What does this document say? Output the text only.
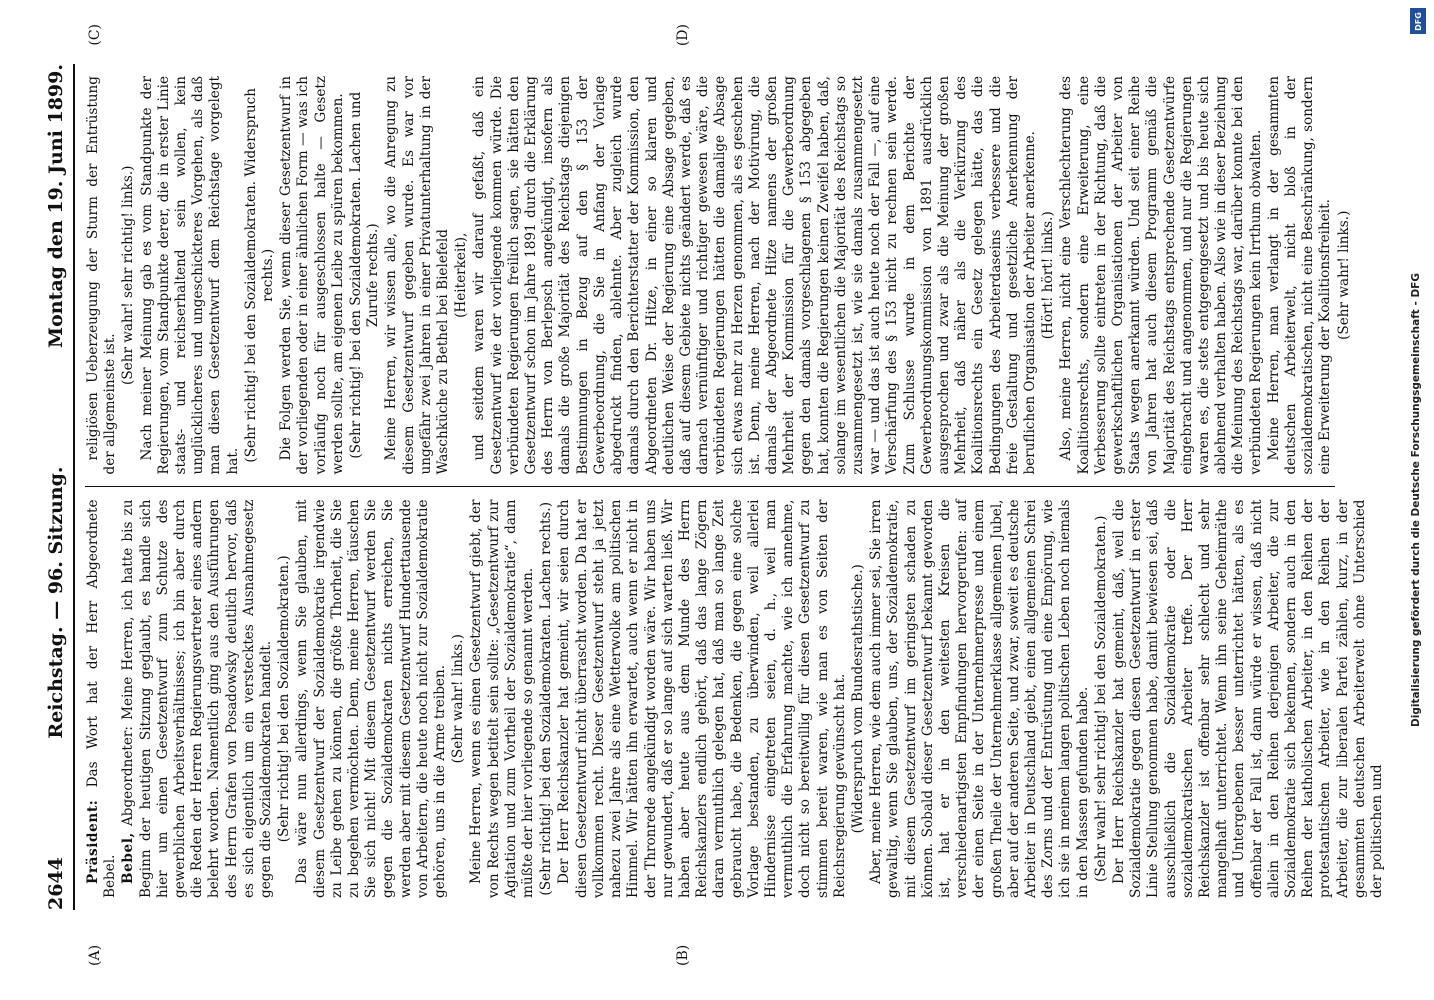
2644
Reichstag. — 96. Sitzung.
Montag den 19. Juni 1899.
(A)	(B)
(C)	(D)

Präsident: Das Wort hat der Herr Abgeordnete Bebel. Bebel, Abgeordneter: Meine Herren, ich hatte bis zu Beginn der heutigen Sitzung geglaubt, es handle sich hier um einen Gesetzentwurf zum Schutze des gewerblichen Arbeitsverhältnisses; ich bin aber durch die Reden der Herren Regierungsvertreter eines andern belehrt worden. Namentlich ging aus den Ausführungen des Herrn Grafen von Posadowsky deutlich hervor, daß es sich eigentlich um ein verstecktes Ausnahmegesetz gegen die Sozialdemokraten handelt. (Sehr richtig! bei den Sozialdemokraten.) Das wäre nun allerdings, wenn Sie glauben, mit diesem Gesetzentwurf der Sozialdemokratie irgendwie zu Leibe gehen zu können, die größte Thorheit, die Sie zu begehen vermöchten. Denn, meine Herren, täuschen Sie sich nicht! Mit diesem Gesetzentwurf werden Sie gegen die Sozialdemokraten nichts erreichen, Sie werden aber mit diesem Gesetzentwurf Hunderttausende von Arbeitern, die heute noch nicht zur Sozialdemokratie gehören, uns in die Arme treiben. (Sehr wahr! links.) Meine Herren, wenn es einen Gesetzentwurf giebt, der von Rechts wegen betitelt sein sollte: „Gesetzentwurf zur Agitation und zum Vortheil der Sozialdemokratie“, dann müßte der hier vorliegende so genannt werden. (Sehr richtig! bei den Sozialdemokraten. Lachen rechts.) Der Herr Reichskanzler hat gemeint, wir seien durch diesen Gesetzentwurf nicht überrascht worden. Da hat er vollkommen recht. Dieser Gesetzentwurf steht ja jetzt nahezu zwei Jahre als eine Wetterwolke am politischen Himmel. Wir hätten ihn erwartet, auch wenn er nicht in der Thronrede angekündigt worden wäre. Wir haben uns nur gewundert, daß er so lange auf sich warten ließ. Wir haben aber heute aus dem Munde des Herrn Reichskanzlers endlich gehört, daß das lange Zögern daran vermuthlich gelegen hat, daß man so lange Zeit gebraucht habe, die Bedenken, die gegen eine solche Vorlage bestanden, zu überwinden, weil allerlei Hindernisse eingetreten seien, d. h., weil man vermuthlich die Erfahrung machte, wie ich annehme, doch nicht so bereitwillig für diesen Gesetzentwurf zu stimmen bereit waren, wie man es von Seiten der Reichsregierung gewünscht hat. (Widerspruch vom Bundesrathstische.) Aber, meine Herren, wie dem auch immer sei, Sie irren gewaltig, wenn Sie glauben, uns, der Sozialdemokratie, mit diesem Gesetzentwurf im geringsten schaden zu können. Sobald dieser Gesetzentwurf bekannt geworden ist, hat er in den weitesten Kreisen die verschiedenartigsten Empfindungen hervorgerufen: auf der einen Seite in der Unternehmerpresse und einem großen Theile der Unternehmerklasse allgemeinen Jubel, aber auf der anderen Seite, und zwar, soweit es deutsche Arbeiter in Deutschland giebt, einen allgemeinen Schrei des Zorns und der Entrüstung und eine Empörung, wie ich sie in meinem langen politischen Leben noch niemals in den Massen gefunden habe. (Sehr wahr! sehr richtig! bei den Sozialdemokraten.) Der Herr Reichskanzler hat gemeint, daß, weil die Sozialdemokratie gegen diesen Gesetzentwurf in erster Linie Stellung genommen habe, damit bewiesen sei, daß ausschließlich die Sozialdemokratie oder die sozialdemokratischen Arbeiter treffe. Der Herr Reichskanzler ist offenbar sehr schlecht und sehr mangelhaft unterrichtet. Wenn ihn seine Geheimräthe und Untergebenen besser unterrichtet hätten, als es offenbar der Fall ist, dann würde er wissen, daß nicht allein in den Reihen derjenigen Arbeiter, die zur Sozialdemokratie sich bekennen, sondern auch in den Reihen der katholischen Arbeiter, in den Reihen der protestantischen Arbeiter, wie in den Reihen der Arbeiter, die zur liberalen Partei zählen, kurz, in der gesammten deutschen Arbeiterwelt ohne Unterschied der politischen und

religiösen Ueberzeugung der Sturm der Entrüstung der allgemeinste ist.

(Sehr wahr! sehr richtig! links.) Nach meiner Meinung gab es vom Standpunkte der Regierungen, vom Standpunkte derer, die in erster Linie staats- und reichserhaltend sein wollen, kein unglücklicheres und ungeschickteres Vorgehen, als daß man diesen Gesetzentwurf dem Reichstage vorgelegt hat. (Sehr richtig! bei den Sozialdemokraten. Widerspruch rechts.) Die Folgen werden Sie, wenn dieser Gesetzentwurf in der vorliegenden oder in einer ähnlichen Form — was ich vorläufig noch für ausgeschlossen halte — Gesetz werden sollte, am eigenen Leibe zu spüren bekommen. (Sehr richtig! bei den Sozialdemokraten. Lachen und Zurufe rechts.) Meine Herren, wir wissen alle, wo die Anregung zu diesem Gesetzentwurf gegeben wurde. Es war vor ungefähr zwei Jahren in einer Privatunterhaltung in der Waschküche zu Bethel bei Bielefeld (Heiterkeit), und seitdem waren wir darauf gefaßt, daß ein Gesetzentwurf wie der vorliegende kommen würde. Die verbündeten Regierungen freilich sagen, sie hätten den Gesetzentwurf schon im Jahre 1891 durch die Erklärung des Herrn von Berlepsch angekündigt, insofern als damals die große Majorität des Reichstags diejenigen Bestimmungen in Bezug auf den § 153 der Gewerbeordnung, die Sie in Anfang der Vorlage abgedruckt finden, ablehnte. Aber zugleich wurde damals durch den Berichterstatter der Kommission, den Abgeordneten Dr. Hitze, in einer so klaren und deutlichen Weise der Regierung eine Absage gegeben, daß auf diesem Gebiete nichts geändert werde, daß es darnach vernünftiger und richtiger gewesen wäre, die verbündeten Regierungen hätten die damalige Absage sich etwas mehr zu Herzen genommen, als es geschehen ist. Denn, meine Herren, nach der Motivirung, die damals der Abgeordnete Hitze namens der großen Mehrheit der Kommission für die Gewerbeordnung gegen den damals vorgeschlagenen § 153 abgegeben hat, konnten die Regierungen keinen Zweifel haben, daß, solange im wesentlichen die Majorität des Reichstags so zusammengesetzt ist, wie sie damals zusammengesetzt war — und das ist auch heute noch der Fall —, auf eine Verschärfung des § 153 nicht zu rechnen sein werde. Zum Schlusse wurde in dem Berichte der Gewerbeordnungskommission von 1891 ausdrücklich ausgesprochen und zwar als die Meinung der großen Mehrheit, daß näher als die Verkürzung des Koalitionsrechts ein Gesetz gelegen hätte, das die Bedingungen des Arbeiterdaseins verbessere und die freie Gestaltung und gesetzliche Anerkennung der beruflichen Organisation der Arbeiter anerkenne. (Hört! hört! links.) Also, meine Herren, nicht eine Verschlechterung des Koalitionsrechts, sondern eine Erweiterung, eine Verbesserung sollte eintreten in der Richtung, daß die gewerkschaftlichen Organisationen der Arbeiter von Staats wegen anerkannt würden. Und seit einer Reihe von Jahren hat auch diesem Programm gemäß die Majorität des Reichstags entsprechende Gesetzentwürfe eingebracht und angenommen, und nur die Regierungen waren es, die stets entgegengesetzt und bis heute sich ablehnend verhalten haben. Also wie in dieser Beziehung die Meinung des Reichstags war, darüber konnte bei den verbündeten Regierungen kein Irrthum obwalten. Meine Herren, man verlangt in der gesammten deutschen Arbeiterwelt, nicht bloß in der sozialdemokratischen, nicht eine Beschränkung, sondern eine Erweiterung der Koalitionsfreiheit. (Sehr wahr! links.)

DFG
Digitalisierung gefördert durch die Deutsche Forschungsgemeinschaft - DFG
